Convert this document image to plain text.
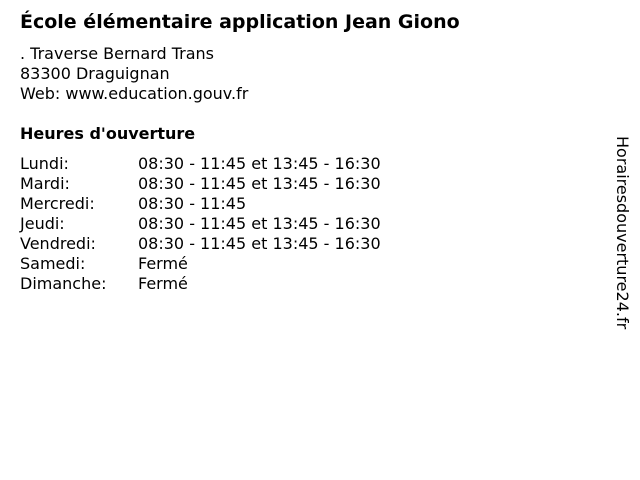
École élémentaire application Jean Giono
. Traverse Bernard Trans
83300 Draguignan
Web: www.education.gouv.fr
Heures d'ouverture
Lundi:	08:30 - 11:45 et 13:45 - 16:30
Mardi:	08:30 - 11:45 et 13:45 - 16:30
Mercredi:	08:30 - 11:45
Jeudi:	08:30 - 11:45 et 13:45 - 16:30
Vendredi:	08:30 - 11:45 et 13:45 - 16:30
Samedi:	Fermé
Dimanche:	Fermé	Horairesdouverture24.fr
